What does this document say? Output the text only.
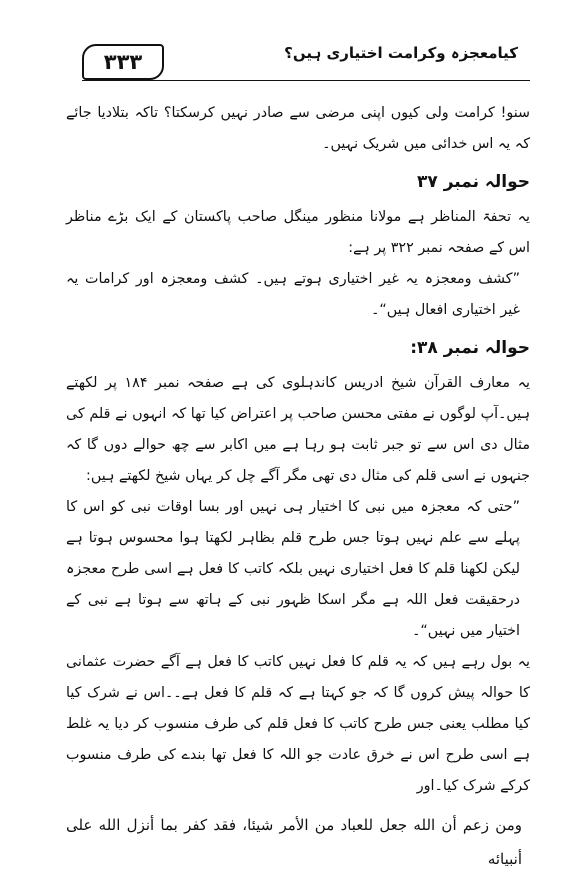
۳۳۳	کیامعجزہ وکرامت اختیاری ہیں؟

سنو! کرامت ولی کیوں اپنی مرضی سے صادر نہیں کرسکتا؟ تاکہ بتلادیا جائے کہ یہ اس خدائی میں شریک نہیں۔

حوالہ نمبر ۳۷

یہ تحفۃ المناظر ہے مولانا منظور مینگل صاحب پاکستان کے ایک بڑے مناظر اس کے صفحہ نمبر ۳۲۲ پر ہے:

”کشف ومعجزہ یہ غیر اختیاری ہوتے ہیں۔ کشف ومعجزہ اور کرامات یہ غیر اختیاری افعال ہیں“۔

حوالہ نمبر ۳۸:

یہ معارف القرآن شیخ ادریس کاندہلوی کی ہے صفحہ نمبر ۱۸۴ پر لکھتے ہیں۔آپ لوگوں نے مفتی محسن صاحب پر اعتراض کیا تھا کہ انہوں نے قلم کی مثال دی اس سے تو جبر ثابت ہو رہا ہے میں اکابر سے چھ حوالے دوں گا کہ جنہوں نے اسی قلم کی مثال دی تھی مگر آگے چل کر یہاں شیخ لکھتے ہیں:

”حتی کہ معجزہ میں نبی کا اختیار ہی نہیں اور بسا اوقات نبی کو اس کا پہلے سے علم نہیں ہوتا جس طرح قلم بظاہر لکھتا ہوا محسوس ہوتا ہے لیکن لکھنا قلم کا فعل اختیاری نہیں بلکہ کاتب کا فعل ہے اسی طرح معجزہ درحقیقت فعل اللہ ہے مگر اسکا ظہور نبی کے ہاتھ سے ہوتا ہے نبی کے اختیار میں نہیں“۔

یہ بول رہے ہیں کہ یہ قلم کا فعل نہیں کاتب کا فعل ہے آگے حضرت عثمانی کا حوالہ پیش کروں گا کہ جو کہتا ہے کہ قلم کا فعل ہے۔۔اس نے شرک کیا کیا مطلب یعنی جس طرح کاتب کا فعل قلم کی طرف منسوب کر دیا یہ غلط ہے اسی طرح اس نے خرق عادت جو اللہ کا فعل تھا بندے کی طرف منسوب کرکے شرک کیا۔اور

ومن زعم أن الله جعل للعباد من الأمر شيئا، فقد كفر بما أنزل الله على أنبيائه
